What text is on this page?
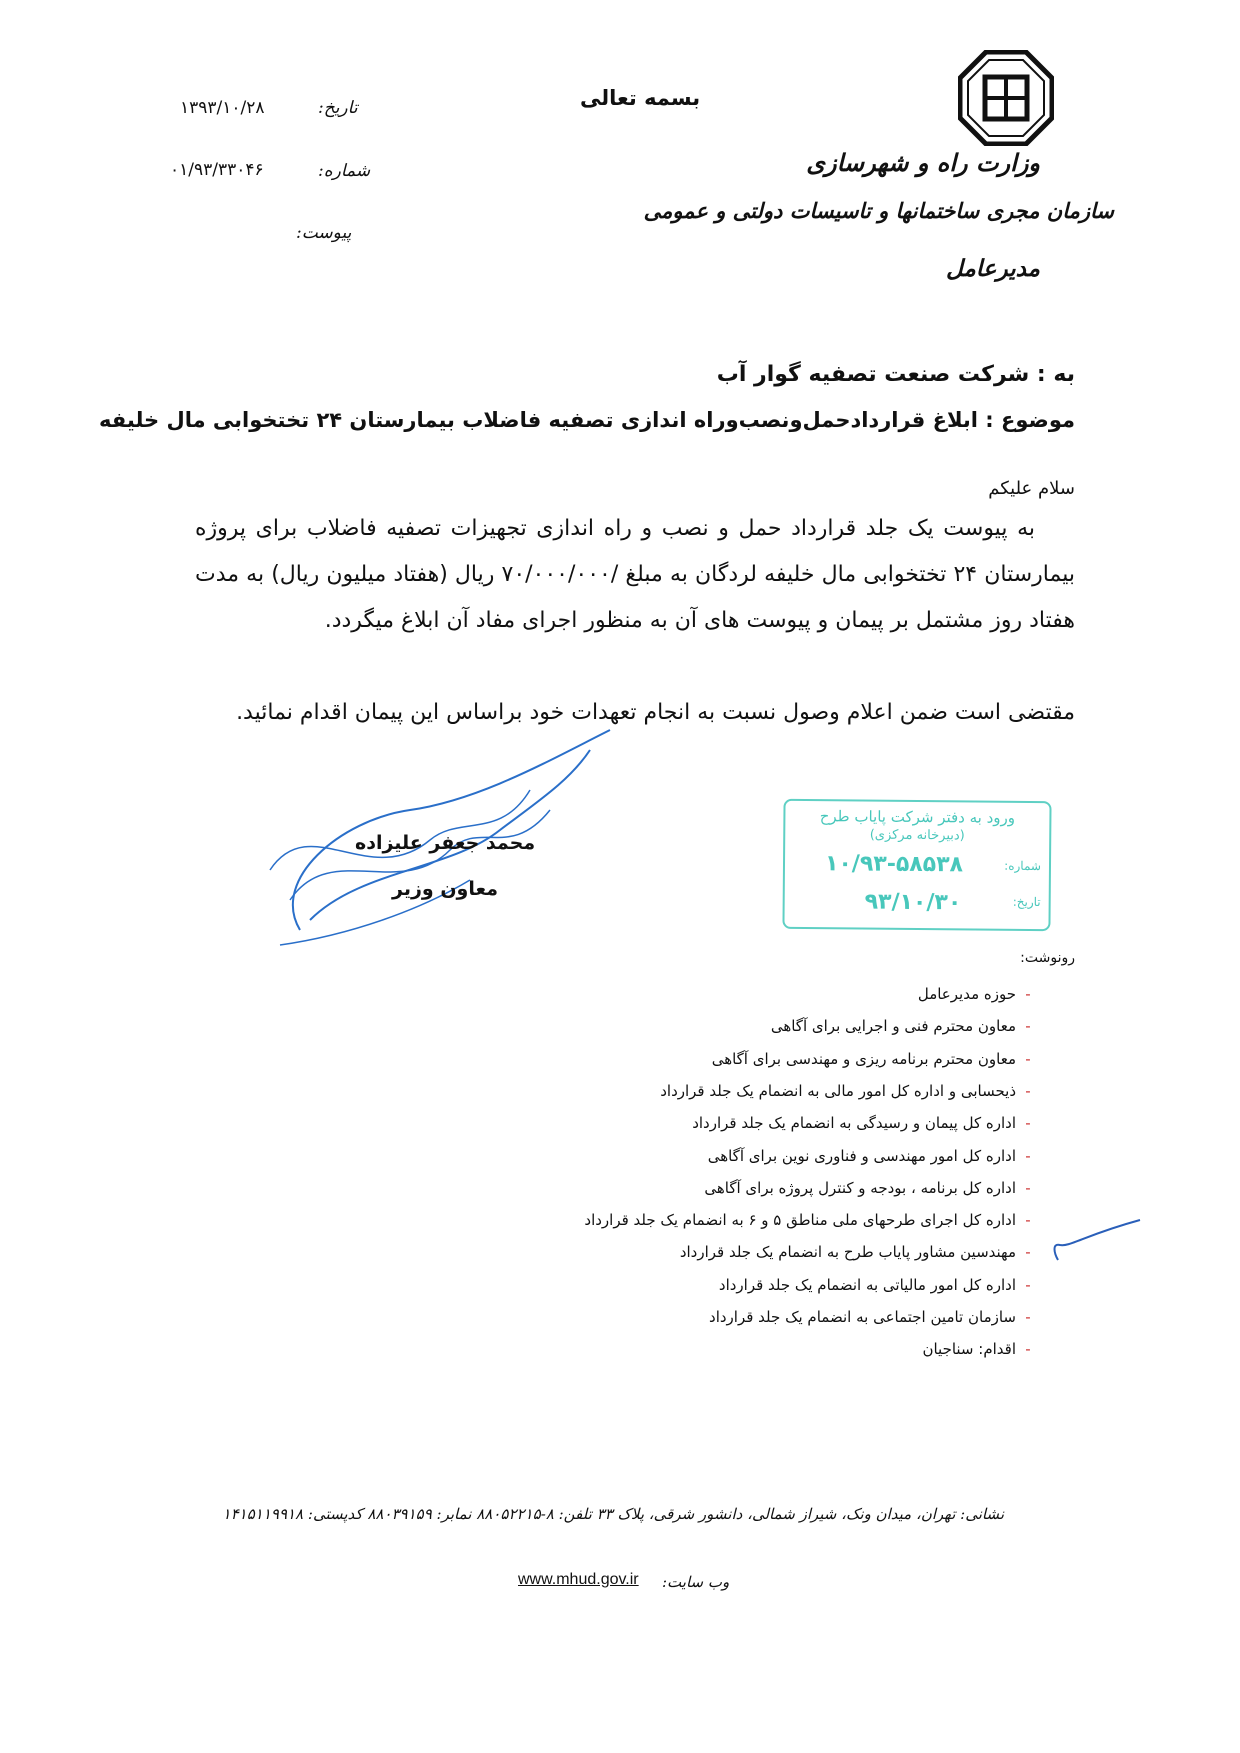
وزارت راه و شهرسازی
سازمان مجری ساختمانها و تاسیسات دولتی و عمومی
مدیرعامل
بسمه تعالی
تاریخ:
۱۳۹۳/۱۰/۲۸
شماره:
۰۱/۹۳/۳۳۰۴۶
پیوست:
به : شرکت صنعت تصفیه گوار آب
موضوع : ابلاغ قراردادحمل‌ونصب‌وراه اندازی تصفیه فاضلاب بیمارستان ۲۴ تختخوابی مال خلیفه
سلام علیکم
به پیوست یک جلد قرارداد حمل و نصب و راه اندازی تجهیزات تصفیه فاضلاب برای پروژه بیمارستان ۲۴ تختخوابی مال خلیفه لردگان به مبلغ /۷۰/۰۰۰/۰۰۰ ریال (هفتاد میلیون ریال) به مدت هفتاد روز مشتمل بر پیمان و پیوست های آن به منظور اجرای مفاد آن ابلاغ میگردد.
مقتضی است ضمن اعلام وصول نسبت به انجام تعهدات خود براساس این پیمان اقدام نمائید.
محمد جعفر علیزاده
معاون وزیر
ورود به دفتر شرکت پایاب طرح
(دبیرخانه مرکزی)
شماره:
۱۰/۹۳-۵۸۵۳۸
تاریخ:
۹۳/۱۰/۳۰
رونوشت:
-حوزه مدیرعامل
-معاون محترم فنی و اجرایی برای آگاهی
-معاون محترم برنامه ریزی و مهندسی برای آگاهی
-ذیحسابی و اداره کل امور مالی به انضمام یک جلد قرارداد
-اداره کل پیمان و رسیدگی به انضمام یک جلد قرارداد
-اداره کل امور مهندسی و فناوری نوین برای آگاهی
-اداره کل برنامه ، بودجه و کنترل پروژه برای آگاهی
-اداره کل اجرای طرحهای ملی مناطق ۵ و ۶ به انضمام یک جلد قرارداد
-مهندسین مشاور پایاب طرح به انضمام یک جلد قرارداد
-اداره کل امور مالیاتی به انضمام یک جلد قرارداد
-سازمان تامین اجتماعی به انضمام یک جلد قرارداد
-اقدام: سناجیان
نشانی: تهران، میدان ونک، شیراز شمالی، دانشور شرقی، پلاک ۳۳ تلفن: ۸-۸۸۰۵۲۲۱۵ نمابر: ۸۸۰۳۹۱۵۹ کدپستی: ۱۴۱۵۱۱۹۹۱۸
وب سایت:
www.mhud.gov.ir
